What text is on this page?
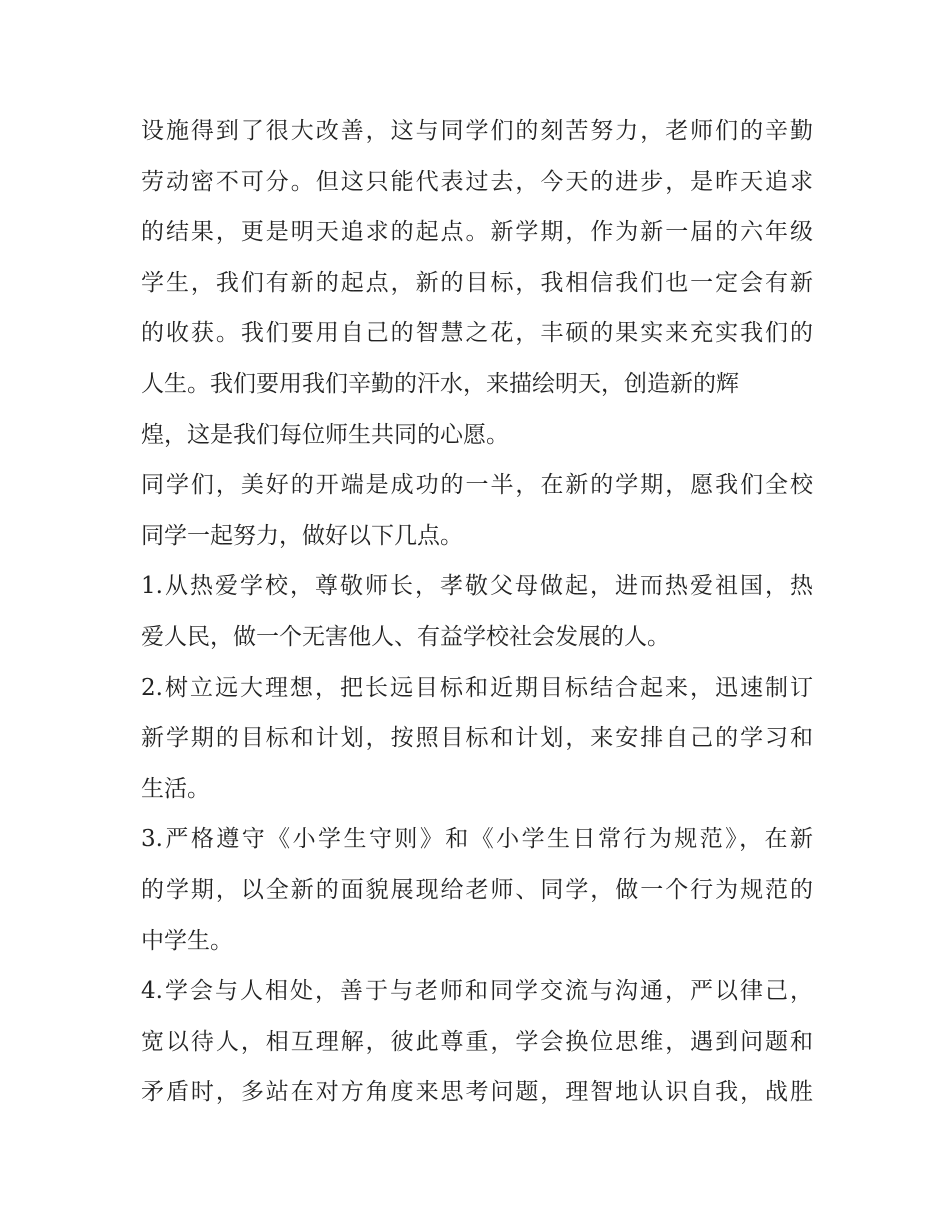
设施得到了很大改善，这与同学们的刻苦努力，老师们的辛勤
劳动密不可分。但这只能代表过去，今天的进步，是昨天追求
的结果，更是明天追求的起点。新学期，作为新一届的六年级
学生，我们有新的起点，新的目标，我相信我们也一定会有新
的收获。我们要用自己的智慧之花，丰硕的果实来充实我们的
人生。我们要用我们辛勤的汗水，来描绘明天，创造新的辉
煌，这是我们每位师生共同的心愿。
同学们，美好的开端是成功的一半，在新的学期，愿我们全校
同学一起努力，做好以下几点。
1.从热爱学校，尊敬师长，孝敬父母做起，进而热爱祖国，热
爱人民，做一个无害他人、有益学校社会发展的人。
2.树立远大理想，把长远目标和近期目标结合起来，迅速制订
新学期的目标和计划，按照目标和计划，来安排自己的学习和
生活。
3.严格遵守《小学生守则》和《小学生日常行为规范》，在新
的学期，以全新的面貌展现给老师、同学，做一个行为规范的
中学生。
4.学会与人相处，善于与老师和同学交流与沟通，严以律己，
宽以待人，相互理解，彼此尊重，学会换位思维，遇到问题和
矛盾时，多站在对方角度来思考问题，理智地认识自我，战胜
